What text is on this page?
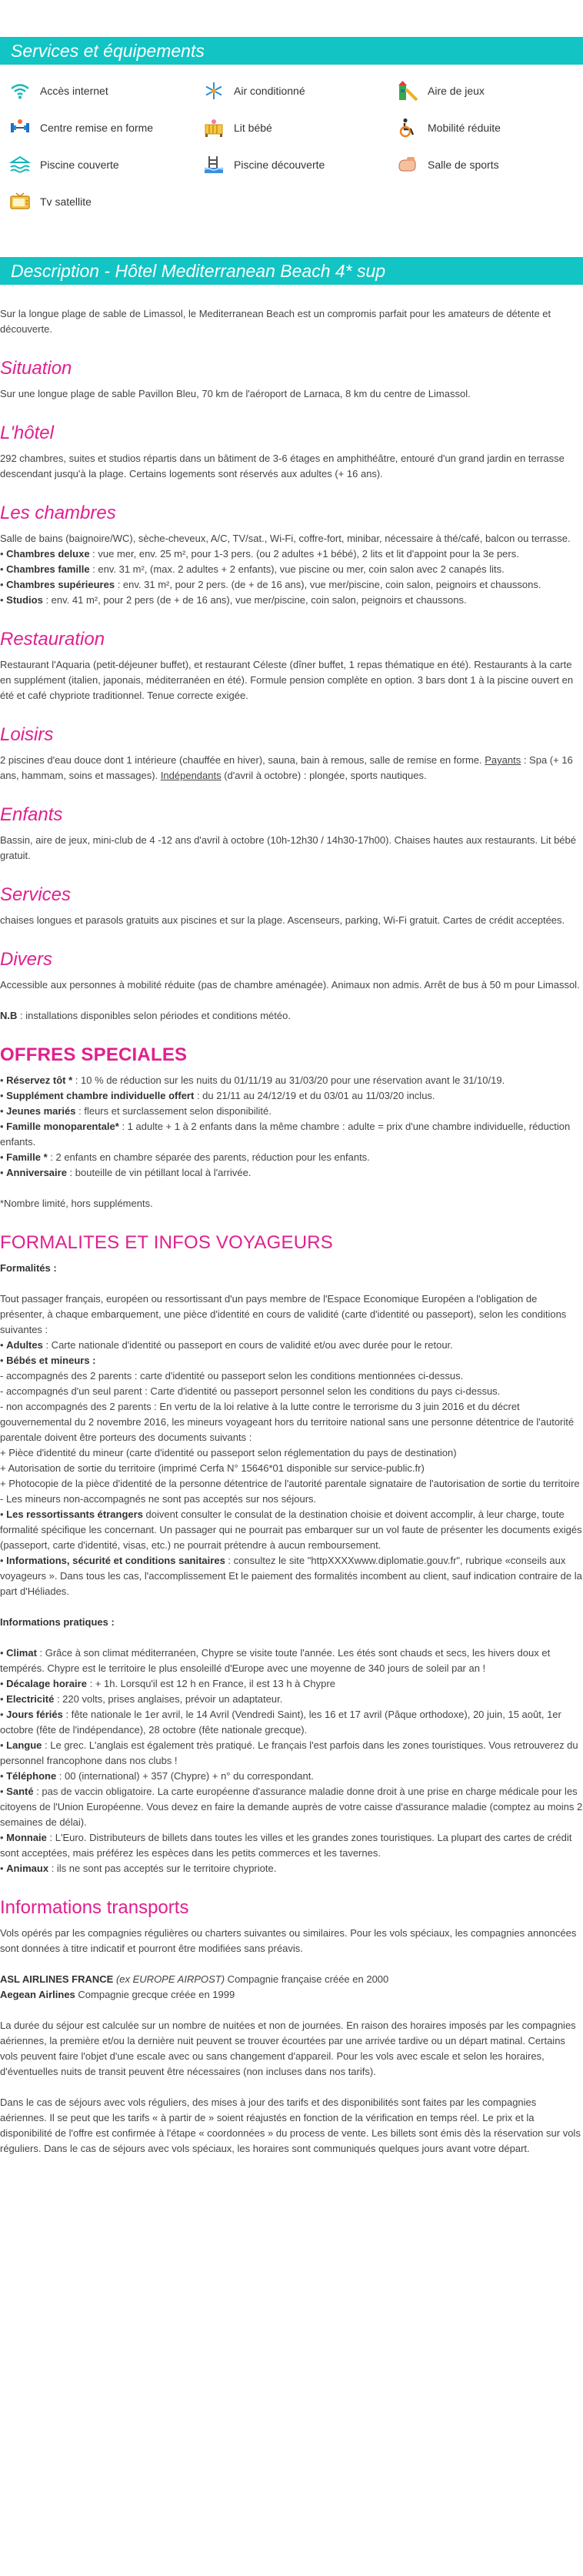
Services et équipements
Accès internet	Air conditionné	Aire de jeux
Centre remise en forme	Lit bébé	Mobilité réduite
Piscine couverte	Piscine découverte	Salle de sports
Tv satellite
Description - Hôtel Mediterranean Beach 4* sup

Sur la longue plage de sable de Limassol, le Mediterranean Beach est un compromis parfait pour les amateurs de détente et découverte.

Situation

Sur une longue plage de sable Pavillon Bleu, 70 km de l'aéroport de Larnaca, 8 km du centre de Limassol.

L'hôtel

292 chambres, suites et studios répartis dans un bâtiment de 3-6 étages en amphithéâtre, entouré d'un grand jardin en terrasse descendant jusqu'à la plage. Certains logements sont réservés aux adultes (+ 16 ans).

Les chambres

Salle de bains (baignoire/WC), sèche-cheveux, A/C, TV/sat., Wi-Fi, coffre-fort, minibar, nécessaire à thé/café, balcon ou terrasse.

• Chambres deluxe : vue mer, env. 25 m², pour 1-3 pers. (ou 2 adultes +1 bébé), 2 lits et lit d'appoint pour la 3e pers.

• Chambres famille : env. 31 m², (max. 2 adultes + 2 enfants), vue piscine ou mer, coin salon avec 2 canapés lits.

• Chambres supérieures : env. 31 m², pour 2 pers. (de + de 16 ans), vue mer/piscine, coin salon, peignoirs et chaussons.

• Studios : env. 41 m², pour 2 pers (de + de 16 ans), vue mer/piscine, coin salon, peignoirs et chaussons.

Restauration

Restaurant l'Aquaria (petit-déjeuner buffet), et restaurant Céleste (dîner buffet, 1 repas thématique en été). Restaurants à la carte en supplément (italien, japonais, méditerranéen en été). Formule pension complète en option. 3 bars dont 1 à la piscine ouvert en été et café chypriote traditionnel. Tenue correcte exigée.

Loisirs

2 piscines d'eau douce dont 1 intérieure (chauffée en hiver), sauna, bain à remous, salle de remise en forme. Payants : Spa (+ 16 ans, hammam, soins et massages). Indépendants (d'avril à octobre) : plongée, sports nautiques.

Enfants

Bassin, aire de jeux, mini-club de 4 -12 ans d'avril à octobre (10h-12h30 / 14h30-17h00). Chaises hautes aux restaurants. Lit bébé gratuit.

Services

chaises longues et parasols gratuits aux piscines et sur la plage. Ascenseurs, parking, Wi-Fi gratuit. Cartes de crédit acceptées.

Divers

Accessible aux personnes à mobilité réduite (pas de chambre aménagée). Animaux non admis. Arrêt de bus à 50 m pour Limassol.

N.B : installations disponibles selon périodes et conditions météo.

OFFRES SPECIALES

• Réservez tôt * : 10 % de réduction sur les nuits du 01/11/19 au 31/03/20 pour une réservation avant le 31/10/19.

• Supplément chambre individuelle offert : du 21/11 au 24/12/19 et du 03/01 au 11/03/20 inclus.

• Jeunes mariés : fleurs et surclassement selon disponibilité.

• Famille monoparentale* : 1 adulte + 1 à 2 enfants dans la même chambre : adulte = prix d'une chambre individuelle, réduction enfants.

• Famille * : 2 enfants en chambre séparée des parents, réduction pour les enfants.

• Anniversaire : bouteille de vin pétillant local à l'arrivée.

*Nombre limité, hors suppléments.

FORMALITES ET INFOS VOYAGEURS

Formalités :

Tout passager français, européen ou ressortissant d'un pays membre de l'Espace Economique Européen a l'obligation de présenter, à chaque embarquement, une pièce d'identité en cours de validité (carte d'identité ou passeport), selon les conditions suivantes :

• Adultes : Carte nationale d'identité ou passeport en cours de validité et/ou avec durée pour le retour.

• Bébés et mineurs :

- accompagnés des 2 parents : carte d'identité ou passeport selon les conditions mentionnées ci-dessus.

- accompagnés d'un seul parent : Carte d'identité ou passeport personnel selon les conditions du pays ci-dessus.

- non accompagnés des 2 parents : En vertu de la loi relative à la lutte contre le terrorisme du 3 juin 2016 et du décret gouvernemental du 2 novembre 2016, les mineurs voyageant hors du territoire national sans une personne détentrice de l'autorité parentale doivent être porteurs des documents suivants :

+ Pièce d'identité du mineur (carte d'identité ou passeport selon réglementation du pays de destination)

+ Autorisation de sortie du territoire (imprimé Cerfa N° 15646*01 disponible sur service-public.fr)

+ Photocopie de la pièce d'identité de la personne détentrice de l'autorité parentale signataire de l'autorisation de sortie du territoire

- Les mineurs non-accompagnés ne sont pas acceptés sur nos séjours.

• Les ressortissants étrangers doivent consulter le consulat de la destination choisie et doivent accomplir, à leur charge, toute formalité spécifique les concernant. Un passager qui ne pourrait pas embarquer sur un vol faute de présenter les documents exigés (passeport, carte d'identité, visas, etc.) ne pourrait prétendre à aucun remboursement.

• Informations, sécurité et conditions sanitaires : consultez le site "httpXXXXwww.diplomatie.gouv.fr", rubrique «conseils aux voyageurs ». Dans tous les cas, l'accomplissement Et le paiement des formalités incombent au client, sauf indication contraire de la part d'Héliades.

Informations pratiques :

• Climat : Grâce à son climat méditerranéen, Chypre se visite toute l'année. Les étés sont chauds et secs, les hivers doux et tempérés. Chypre est le territoire le plus ensoleillé d'Europe avec une moyenne de 340 jours de soleil par an !

• Décalage horaire : + 1h. Lorsqu'il est 12 h en France, il est 13 h à Chypre

• Electricité : 220 volts, prises anglaises, prévoir un adaptateur.

• Jours fériés : fête nationale le 1er avril, le 14 Avril (Vendredi Saint), les 16 et 17 avril (Pâque orthodoxe), 20 juin, 15 août, 1er octobre (fête de l'indépendance), 28 octobre (fête nationale grecque).

• Langue : Le grec. L'anglais est également très pratiqué. Le français l'est parfois dans les zones touristiques. Vous retrouverez du personnel francophone dans nos clubs !

• Téléphone : 00 (international) + 357 (Chypre) + n° du correspondant.

• Santé : pas de vaccin obligatoire. La carte européenne d'assurance maladie donne droit à une prise en charge médicale pour les citoyens de l'Union Européenne. Vous devez en faire la demande auprès de votre caisse d'assurance maladie (comptez au moins 2 semaines de délai).

• Monnaie : L'Euro. Distributeurs de billets dans toutes les villes et les grandes zones touristiques. La plupart des cartes de crédit sont acceptées, mais préférez les espèces dans les petits commerces et les tavernes.

• Animaux : ils ne sont pas acceptés sur le territoire chypriote.

Informations transports

Vols opérés par les compagnies régulières ou charters suivantes ou similaires. Pour les vols spéciaux, les compagnies annoncées sont données à titre indicatif et pourront être modifiées sans préavis.

ASL AIRLINES FRANCE (ex EUROPE AIRPOST) Compagnie française créée en 2000

Aegean Airlines Compagnie grecque créée en 1999

La durée du séjour est calculée sur un nombre de nuitées et non de journées. En raison des horaires imposés par les compagnies aériennes, la première et/ou la dernière nuit peuvent se trouver écourtées par une arrivée tardive ou un départ matinal. Certains vols peuvent faire l'objet d'une escale avec ou sans changement d'appareil. Pour les vols avec escale et selon les horaires, d'éventuelles nuits de transit peuvent être nécessaires (non incluses dans nos tarifs).

Dans le cas de séjours avec vols réguliers, des mises à jour des tarifs et des disponibilités sont faites par les compagnies aériennes. Il se peut que les tarifs « à partir de » soient réajustés en fonction de la vérification en temps réel. Le prix et la disponibilité de l'offre est confirmée à l'étape « coordonnées » du process de vente. Les billets sont émis dès la réservation sur vols réguliers. Dans le cas de séjours avec vols spéciaux, les horaires sont communiqués quelques jours avant votre départ.
